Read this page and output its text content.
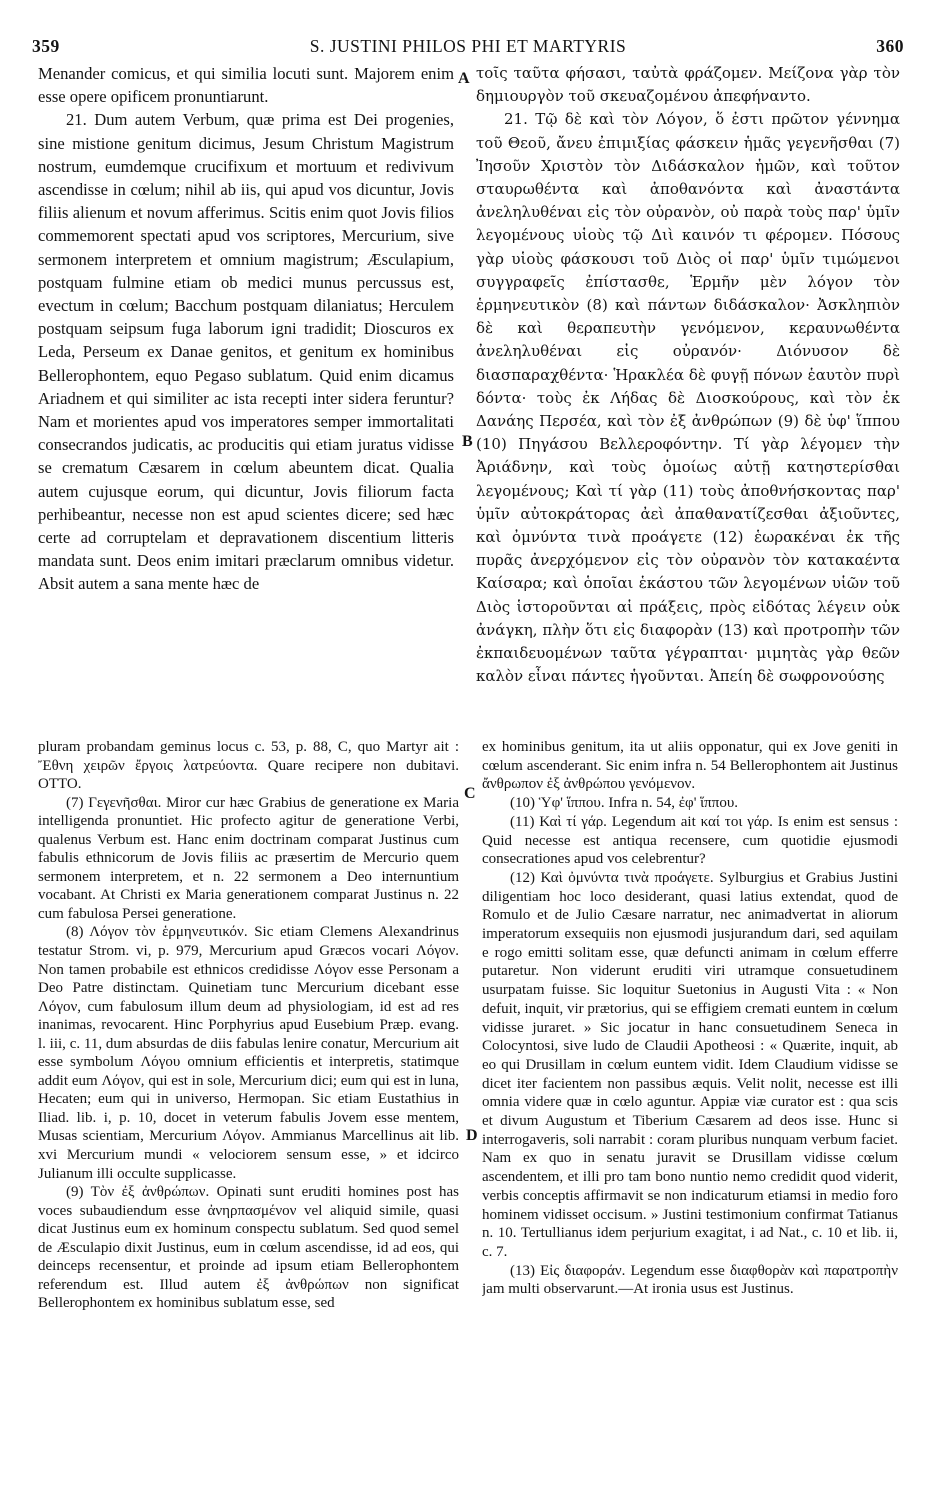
359	S. JUSTINI PHILOS PHI ET MARTYRIS	360

Menander comicus, et qui similia locuti sunt. Majorem enim esse opere opificem pronuntiarunt.

21. Dum autem Verbum, quæ prima est Dei progenies, sine mistione genitum dicimus, Jesum Christum Magistrum nostrum, eumdemque crucifixum et mortuum et redivivum ascendisse in cœlum; nihil ab iis, qui apud vos dicuntur, Jovis filiis alienum et novum afferimus. Scitis enim quot Jovis filios commemorent spectati apud vos scriptores, Mercurium, sive sermonem interpretem et omnium magistrum; Æsculapium, postquam fulmine etiam ob medici munus percussus est, evectum in cœlum; Bacchum postquam dilaniatus; Herculem postquam seipsum fuga laborum igni tradidit; Dioscuros ex Leda, Perseum ex Danae genitos, et genitum ex hominibus Bellerophontem, equo Pegaso sublatum. Quid enim dicamus Ariadnem et qui similiter ac ista recepti inter sidera feruntur? Nam et morientes apud vos imperatores semper immortalitati consecrandos judicatis, ac producitis qui etiam juratus vidisse se crematum Cæsarem in cœlum abeuntem dicat. Qualia autem cujusque eorum, qui dicuntur, Jovis filiorum facta perhibeantur, necesse non est apud scientes dicere; sed hæc certe ad corruptelam et depravationem discentium litteris mandata sunt. Deos enim imitari præclarum omnibus videtur. Absit autem a sana mente hæc de

τοῖς ταῦτα φήσασι, ταὐτὰ φράζομεν. Μείζονα γὰρ τὸν δημιουργὸν τοῦ σκευαζομένου ἀπεφήναντο.

21. Τῷ δὲ καὶ τὸν Λόγον, ὅ ἐστι πρῶτον γέννημα τοῦ Θεοῦ, ἄνευ ἐπιμιξίας φάσκειν ἡμᾶς γεγενῆσθαι (7) Ἰησοῦν Χριστὸν τὸν Διδάσκαλον ἡμῶν, καὶ τοῦτον σταυρωθέντα καὶ ἀποθανόντα καὶ ἀναστάντα ἀνεληλυθέναι εἰς τὸν οὐρανὸν, οὐ παρὰ τοὺς παρ' ὑμῖν λεγομένους υἱοὺς τῷ Διὶ καινόν τι φέρομεν. Πόσους γὰρ υἱοὺς φάσκουσι τοῦ Διὸς οἱ παρ' ὑμῖν τιμώμενοι συγγραφεῖς ἐπίστασθε, Ἑρμῆν μὲν λόγον τὸν ἑρμηνευτικὸν (8) καὶ πάντων διδάσκαλον· Ἀσκληπιὸν δὲ καὶ θεραπευτὴν γενόμενον, κεραυνωθέντα ἀνεληλυθέναι εἰς οὐρανόν· Διόνυσον δὲ διασπαραχθέντα· Ἡρακλέα δὲ φυγῇ πόνων ἑαυτὸν πυρὶ δόντα· τοὺς ἐκ Λήδας δὲ Διοσκούρους, καὶ τὸν ἐκ Δανάης Περσέα, καὶ τὸν ἐξ ἀνθρώπων (9) δὲ ὑφ' ἵππου (10) Πηγάσου Βελλεροφόντην. Τί γὰρ λέγομεν τὴν Ἀριάδνην, καὶ τοὺς ὁμοίως αὐτῇ κατηστερίσθαι λεγομένους; Καὶ τί γὰρ (11) τοὺς ἀποθνήσκοντας παρ' ὑμῖν αὐτοκράτορας ἀεὶ ἀπαθανατίζεσθαι ἀξιοῦντες, καὶ ὀμνύντα τινὰ προάγετε (12) ἑωρακέναι ἐκ τῆς πυρᾶς ἀνερχόμενον εἰς τὸν οὐρανὸν τὸν κατακαέντα Καίσαρα; καὶ ὁποῖαι ἑκάστου τῶν λεγομένων υἱῶν τοῦ Διὸς ἱστοροῦνται αἱ πράξεις, πρὸς εἰδότας λέγειν οὐκ ἀνάγκη, πλὴν ὅτι εἰς διαφορὰν (13) καὶ προτροπὴν τῶν ἐκπαιδευομένων ταῦτα γέγραπται· μιμητὰς γὰρ θεῶν καλὸν εἶναι πάντες ἡγοῦνται. Ἀπείη δὲ σωφρονούσης

A
B
C
D

pluram probandam geminus locus c. 53, p. 88, C, quo Martyr ait : Ἔθνη χειρῶν ἔργοις λατρεύοντα. Quare recipere non dubitavi. OTTO.

(7) Γεγενῆσθαι. Miror cur hæc Grabius de generatione ex Maria intelligenda pronuntiet. Hic profecto agitur de generatione Verbi, qualenus Verbum est. Hanc enim doctrinam comparat Justinus cum fabulis ethnicorum de Jovis filiis ac præsertim de Mercurio quem sermonem interpretem, et n. 22 sermonem a Deo internuntium vocabant. At Christi ex Maria generationem comparat Justinus n. 22 cum fabulosa Persei generatione.

(8) Λόγον τὸν ἑρμηνευτικόν. Sic etiam Clemens Alexandrinus testatur Strom. vi, p. 979, Mercurium apud Græcos vocari Λόγον. Non tamen probabile est ethnicos credidisse Λόγον esse Personam a Deo Patre distinctam. Quinetiam tunc Mercurium dicebant esse Λόγον, cum fabulosum illum deum ad physiologiam, id est ad res inanimas, revocarent. Hinc Porphyrius apud Eusebium Præp. evang. l. iii, c. 11, dum absurdas de diis fabulas lenire conatur, Mercurium ait esse symbolum Λόγου omnium efficientis et interpretis, statimque addit eum Λόγον, qui est in sole, Mercurium dici; eum qui est in luna, Hecaten; eum qui in universo, Hermopan. Sic etiam Eustathius in Iliad. lib. i, p. 10, docet in veterum fabulis Jovem esse mentem, Musas scientiam, Mercurium Λόγον. Ammianus Marcellinus ait lib. xvi Mercurium mundi « velociorem sensum esse, » et idcirco Julianum illi occulte supplicasse.

(9) Τὸν ἐξ ἀνθρώπων. Opinati sunt eruditi homines post has voces subaudiendum esse ἀνηρπασμένον vel aliquid simile, quasi dicat Justinus eum ex hominum conspectu sublatum. Sed quod semel de Æsculapio dixit Justinus, eum in cœlum ascendisse, id ad eos, qui deinceps recensentur, et proinde ad ipsum etiam Bellerophontem referendum est. Illud autem ἐξ ἀνθρώπων non significat Bellerophontem ex hominibus sublatum esse, sed

ex hominibus genitum, ita ut aliis opponatur, qui ex Jove geniti in cœlum ascenderant. Sic enim infra n. 54 Bellerophontem ait Justinus ἄνθρωπον ἐξ ἀνθρώπου γενόμενον.

(10) Ὑφ' ἵππου. Infra n. 54, ἐφ' ἵππου.

(11) Καὶ τί γάρ. Legendum ait καί τοι γάρ. Is enim est sensus : Quid necesse est antiqua recensere, cum quotidie ejusmodi consecrationes apud vos celebrentur?

(12) Καὶ ὀμνύντα τινὰ προάγετε. Sylburgius et Grabius Justini diligentiam hoc loco desiderant, quasi latius extendat, quod de Romulo et de Julio Cæsare narratur, nec animadvertat in aliorum imperatorum exsequiis non ejusmodi jusjurandum dari, sed aquilam e rogo emitti solitam esse, quæ defuncti animam in cœlum efferre putaretur. Non viderunt eruditi viri utramque consuetudinem usurpatam fuisse. Sic loquitur Suetonius in Augusti Vita : « Non defuit, inquit, vir prætorius, qui se effigiem cremati euntem in cœlum vidisse juraret. » Sic jocatur in hanc consuetudinem Seneca in Colocyntosi, sive ludo de Claudii Apotheosi : « Quærite, inquit, ab eo qui Drusillam in cœlum euntem vidit. Idem Claudium vidisse se dicet iter facientem non passibus æquis. Velit nolit, necesse est illi omnia videre quæ in cœlo aguntur. Appiæ viæ curator est : qua scis et divum Augustum et Tiberium Cæsarem ad deos isse. Hunc si interrogaveris, soli narrabit : coram pluribus nunquam verbum faciet. Nam ex quo in senatu juravit se Drusillam vidisse cœlum ascendentem, et illi pro tam bono nuntio nemo credidit quod viderit, verbis conceptis affirmavit se non indicaturum etiamsi in medio foro hominem vidisset occisum. » Justini testimonium confirmat Tatianus n. 10. Tertullianus idem perjurium exagitat, i ad Nat., c. 10 et lib. ii, c. 7.

(13) Εἰς διαφοράν. Legendum esse διαφθορὰν καὶ παρατροπὴν jam multi observarunt.—At ironia usus est Justinus.
